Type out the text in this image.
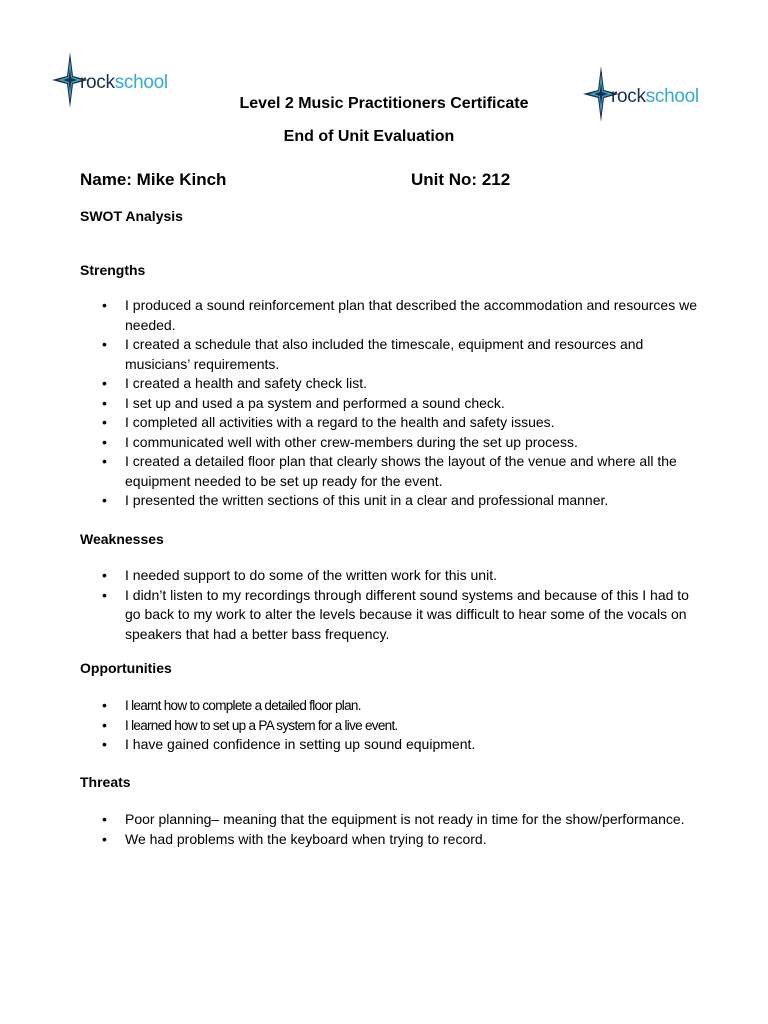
rockschool
rockschool
Level 2 Music Practitioners Certificate
End of Unit Evaluation
Name: Mike Kinch	Unit No: 212
SWOT Analysis
Strengths
• I produced a sound reinforcement plan that described the accommodation and resources we needed.
• I created a schedule that also included the timescale, equipment and resources and musicians’ requirements.
• I created a health and safety check list.
• I set up and used a pa system and performed a sound check.
• I completed all activities with a regard to the health and safety issues.
• I communicated well with other crew-members during the set up process.
• I created a detailed floor plan that clearly shows the layout of the venue and where all the equipment needed to be set up ready for the event.
• I presented the written sections of this unit in a clear and professional manner.
Weaknesses
• I needed support to do some of the written work for this unit.
• I didn’t listen to my recordings through different sound systems and because of this I had to go back to my work to alter the levels because it was difficult to hear some of the vocals on speakers that had a better bass frequency.
Opportunities
• I learnt how to complete a detailed floor plan.
• I learned how to set up a PA system for a live event.
• I have gained confidence in setting up sound equipment.
Threats
• Poor planning– meaning that the equipment is not ready in time for the show/performance.
• We had problems with the keyboard when trying to record.
